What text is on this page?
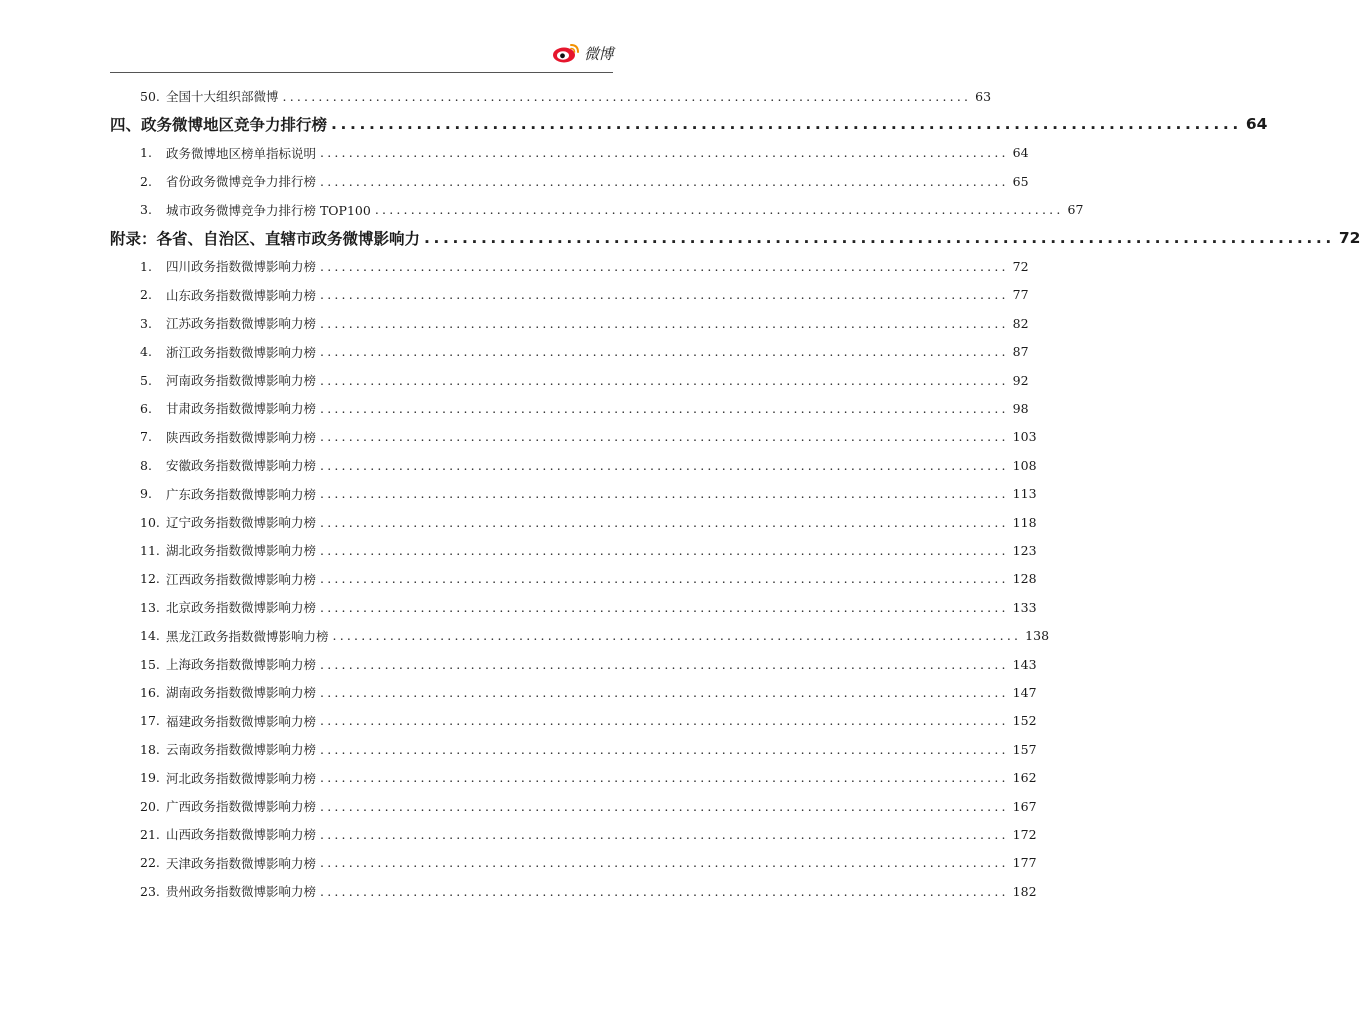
微博
50. 全国十大组织部微博 ................................................................................................ 63
四、政务微博地区竞争力排行榜 ................................................................................................ 64
1.	政务微博地区榜单指标说明 ................................................................................................ 64
2.	省份政务微博竞争力排行榜 ................................................................................................ 65
3.	城市政务微博竞争力排行榜 TOP100 ................................................................................................ 67
附录：各省、自治区、直辖市政务微博影响力 ................................................................................................ 72
1.	四川政务指数微博影响力榜 ................................................................................................ 72
2.	山东政务指数微博影响力榜 ................................................................................................ 77
3.	江苏政务指数微博影响力榜 ................................................................................................ 82
4.	浙江政务指数微博影响力榜 ................................................................................................ 87
5.	河南政务指数微博影响力榜 ................................................................................................ 92
6.	甘肃政务指数微博影响力榜 ................................................................................................ 98
7.	陕西政务指数微博影响力榜 ................................................................................................ 103
8.	安徽政务指数微博影响力榜 ................................................................................................ 108
9.	广东政务指数微博影响力榜 ................................................................................................ 113
10. 辽宁政务指数微博影响力榜 ................................................................................................ 118
11. 湖北政务指数微博影响力榜 ................................................................................................ 123
12. 江西政务指数微博影响力榜 ................................................................................................ 128
13. 北京政务指数微博影响力榜 ................................................................................................ 133
14. 黑龙江政务指数微博影响力榜 ................................................................................................ 138
15. 上海政务指数微博影响力榜 ................................................................................................ 143
16. 湖南政务指数微博影响力榜 ................................................................................................ 147
17. 福建政务指数微博影响力榜 ................................................................................................ 152
18. 云南政务指数微博影响力榜 ................................................................................................ 157
19. 河北政务指数微博影响力榜 ................................................................................................ 162
20. 广西政务指数微博影响力榜 ................................................................................................ 167
21. 山西政务指数微博影响力榜 ................................................................................................ 172
22. 天津政务指数微博影响力榜 ................................................................................................ 177
23. 贵州政务指数微博影响力榜 ................................................................................................ 182
